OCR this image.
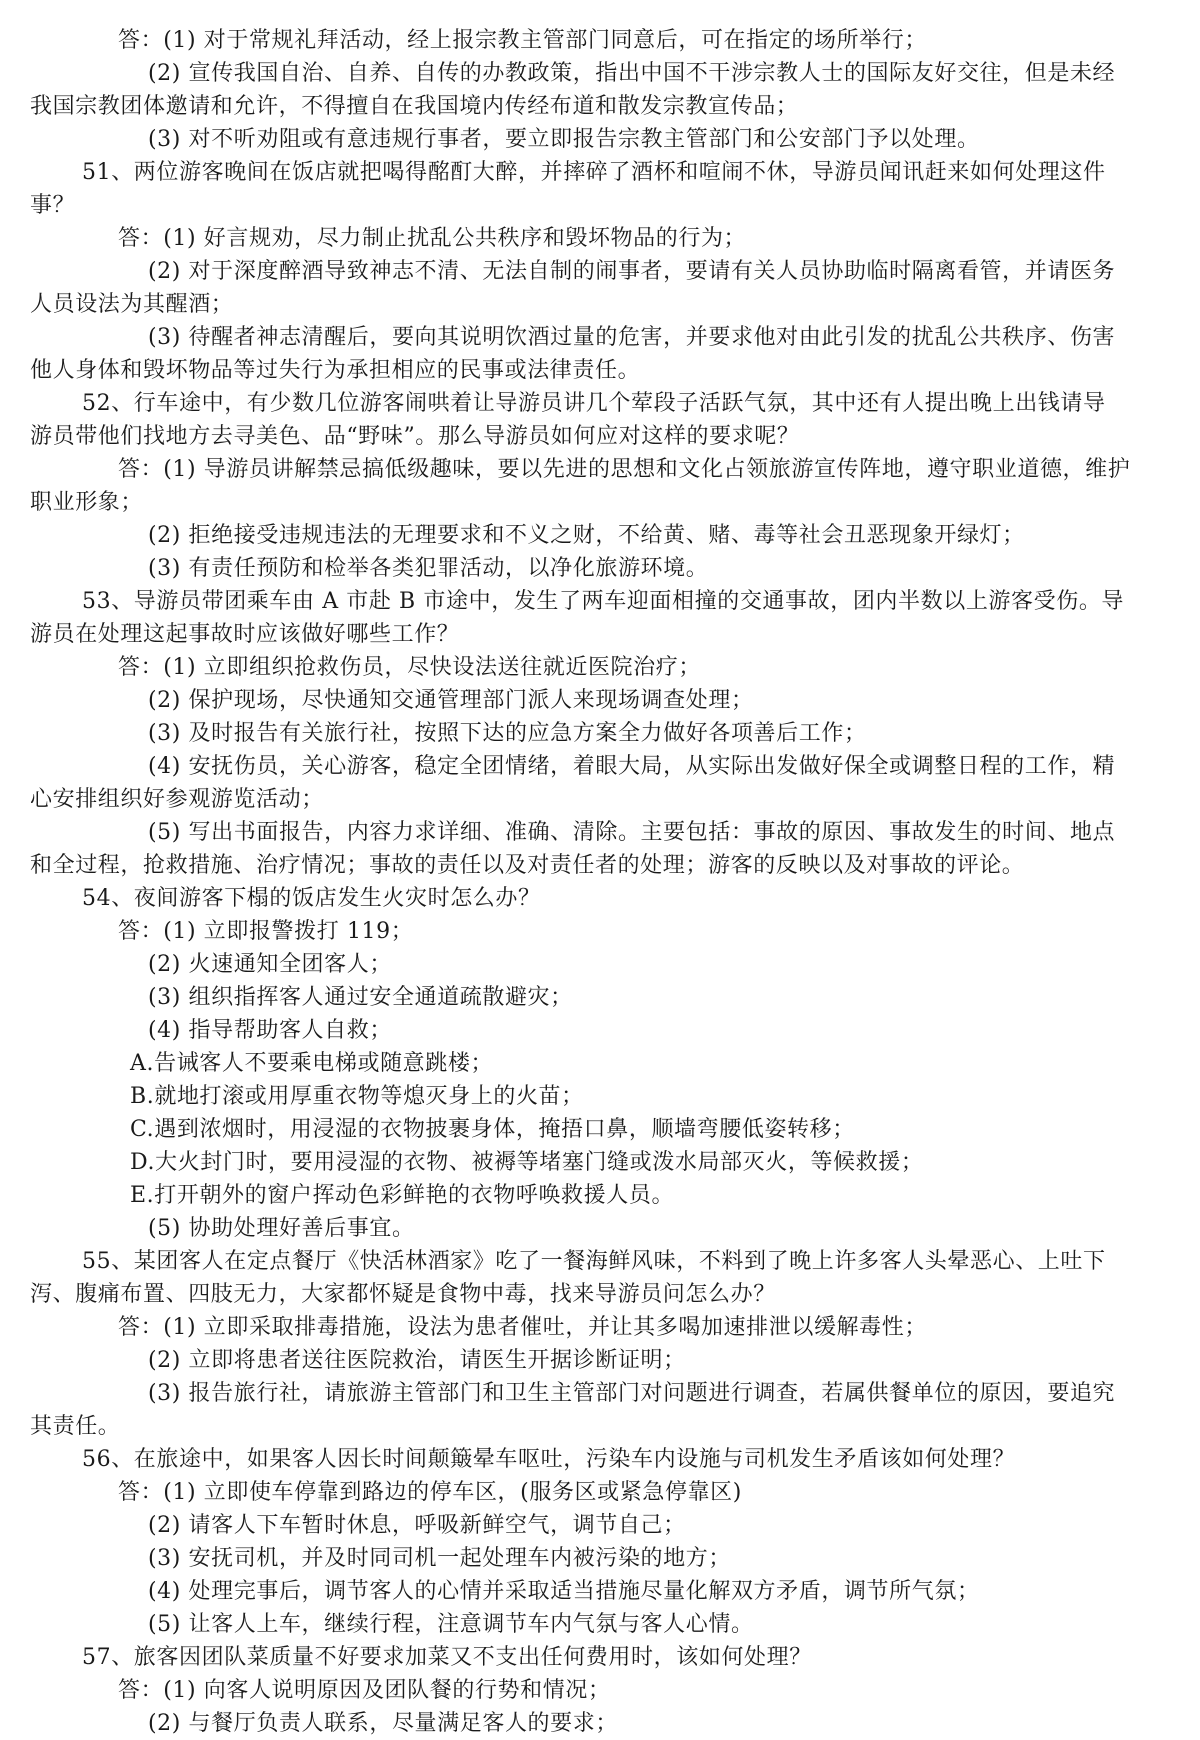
答：(1) 对于常规礼拜活动，经上报宗教主管部门同意后，可在指定的场所举行；
(2) 宣传我国自治、自养、自传的办教政策，指出中国不干涉宗教人士的国际友好交往，但是未经
我国宗教团体邀请和允许，不得擅自在我国境内传经布道和散发宗教宣传品；
(3) 对不听劝阻或有意违规行事者，要立即报告宗教主管部门和公安部门予以处理。
51、两位游客晚间在饭店就把喝得酩酊大醉，并摔碎了酒杯和喧闹不休，导游员闻讯赶来如何处理这件
事？
答：(1) 好言规劝，尽力制止扰乱公共秩序和毁坏物品的行为；
(2) 对于深度醉酒导致神志不清、无法自制的闹事者，要请有关人员协助临时隔离看管，并请医务
人员设法为其醒酒；
(3) 待醒者神志清醒后，要向其说明饮酒过量的危害，并要求他对由此引发的扰乱公共秩序、伤害
他人身体和毁坏物品等过失行为承担相应的民事或法律责任。
52、行车途中，有少数几位游客闹哄着让导游员讲几个荤段子活跃气氛，其中还有人提出晚上出钱请导
游员带他们找地方去寻美色、品“野味”。那么导游员如何应对这样的要求呢？
答：(1) 导游员讲解禁忌搞低级趣味，要以先进的思想和文化占领旅游宣传阵地，遵守职业道德，维护
职业形象；
(2) 拒绝接受违规违法的无理要求和不义之财，不给黄、赌、毒等社会丑恶现象开绿灯；
(3) 有责任预防和检举各类犯罪活动，以净化旅游环境。
53、导游员带团乘车由 A 市赴 B 市途中，发生了两车迎面相撞的交通事故，团内半数以上游客受伤。导
游员在处理这起事故时应该做好哪些工作？
答：(1) 立即组织抢救伤员，尽快设法送往就近医院治疗；
(2) 保护现场，尽快通知交通管理部门派人来现场调查处理；
(3) 及时报告有关旅行社，按照下达的应急方案全力做好各项善后工作；
(4) 安抚伤员，关心游客，稳定全团情绪，着眼大局，从实际出发做好保全或调整日程的工作，精
心安排组织好参观游览活动；
(5) 写出书面报告，内容力求详细、准确、清除。主要包括：事故的原因、事故发生的时间、地点
和全过程，抢救措施、治疗情况；事故的责任以及对责任者的处理；游客的反映以及对事故的评论。
54、夜间游客下榻的饭店发生火灾时怎么办？
答：(1) 立即报警拨打 119；
(2) 火速通知全团客人；
(3) 组织指挥客人通过安全通道疏散避灾；
(4) 指导帮助客人自救；
A.告诫客人不要乘电梯或随意跳楼；
B.就地打滚或用厚重衣物等熄灭身上的火苗；
C.遇到浓烟时，用浸湿的衣物披裹身体，掩捂口鼻，顺墙弯腰低姿转移；
D.大火封门时，要用浸湿的衣物、被褥等堵塞门缝或泼水局部灭火，等候救援；
E.打开朝外的窗户挥动色彩鲜艳的衣物呼唤救援人员。
(5) 协助处理好善后事宜。
55、某团客人在定点餐厅《快活林酒家》吃了一餐海鲜风味，不料到了晚上许多客人头晕恶心、上吐下
泻、腹痛布置、四肢无力，大家都怀疑是食物中毒，找来导游员问怎么办？
答：(1) 立即采取排毒措施，设法为患者催吐，并让其多喝加速排泄以缓解毒性；
(2) 立即将患者送往医院救治，请医生开据诊断证明；
(3) 报告旅行社，请旅游主管部门和卫生主管部门对问题进行调查，若属供餐单位的原因，要追究
其责任。
56、在旅途中，如果客人因长时间颠簸晕车呕吐，污染车内设施与司机发生矛盾该如何处理？
答：(1) 立即使车停靠到路边的停车区，(服务区或紧急停靠区)
(2) 请客人下车暂时休息，呼吸新鲜空气，调节自己；
(3) 安抚司机，并及时同司机一起处理车内被污染的地方；
(4) 处理完事后，调节客人的心情并采取适当措施尽量化解双方矛盾，调节所气氛；
(5) 让客人上车，继续行程，注意调节车内气氛与客人心情。
57、旅客因团队菜质量不好要求加菜又不支出任何费用时，该如何处理？
答：(1) 向客人说明原因及团队餐的行势和情况；
(2) 与餐厅负责人联系，尽量满足客人的要求；
